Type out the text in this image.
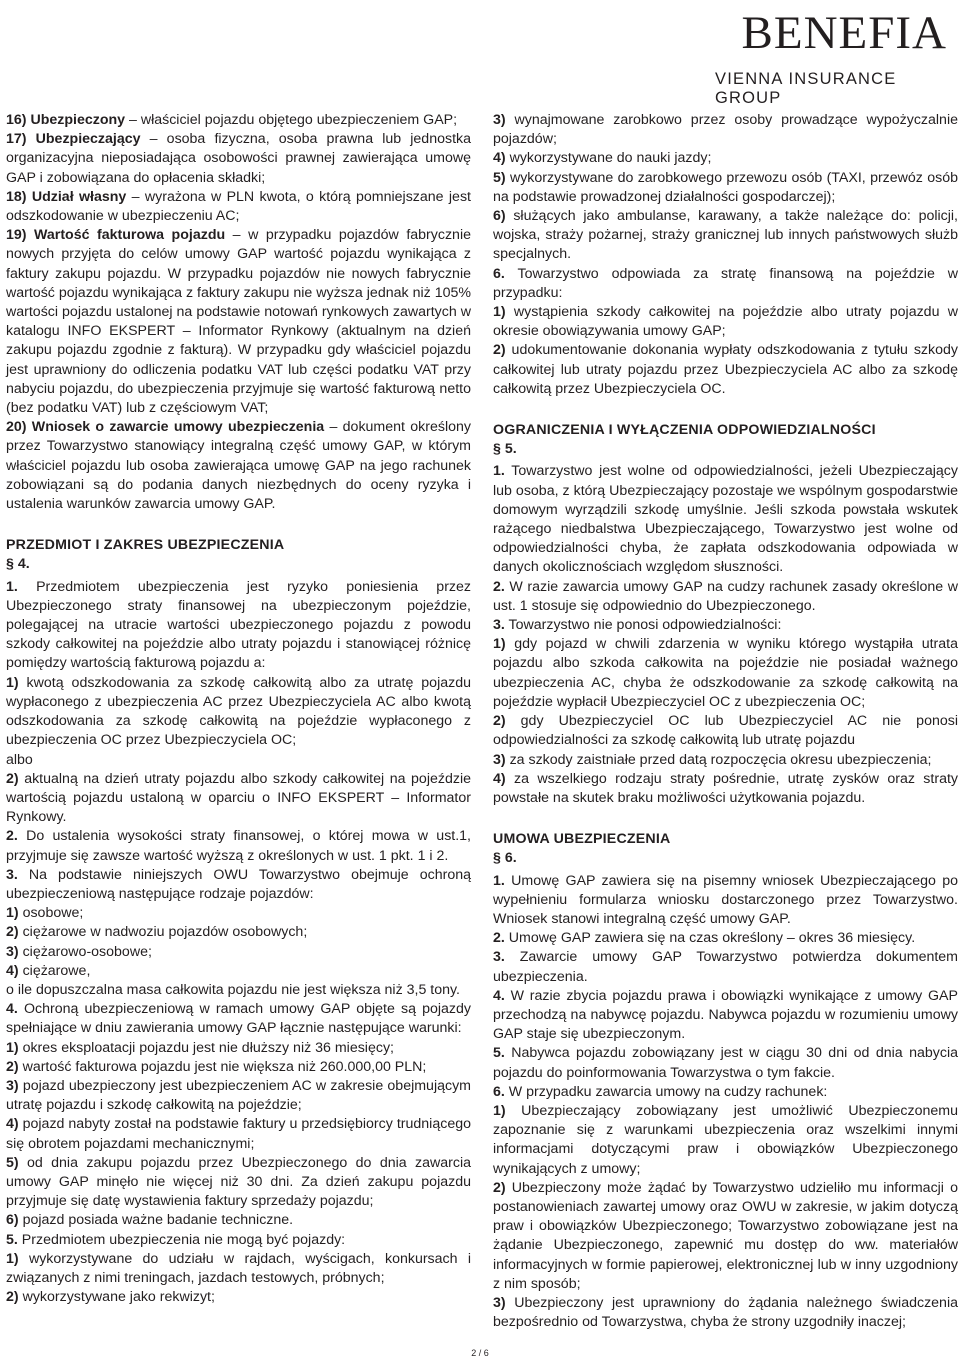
BENEFIA
VIENNA INSURANCE GROUP

16) Ubezpieczony – właściciel pojazdu objętego ubezpieczeniem GAP;

17) Ubezpieczający – osoba fizyczna, osoba prawna lub jednostka organizacyjna nieposiadająca osobowości prawnej zawierająca umowę GAP i zobowiązana do opłacenia składki;

18) Udział własny – wyrażona w PLN kwota, o którą pomniejszane jest odszkodowanie w ubezpieczeniu AC;

19) Wartość fakturowa pojazdu – w przypadku pojazdów fabrycznie nowych przyjęta do celów umowy GAP wartość pojazdu wynikająca z faktury zakupu pojazdu. W przypadku pojazdów nie nowych fabrycznie wartość pojazdu wynikająca z faktury zakupu nie wyższa jednak niż 105% wartości pojazdu ustalonej na podstawie notowań rynkowych zawartych w katalogu INFO EKSPERT – Informator Rynkowy (aktualnym na dzień zakupu pojazdu zgodnie z fakturą). W przypadku gdy właściciel pojazdu jest uprawniony do odliczenia podatku VAT lub części podatku VAT przy nabyciu pojazdu, do ubezpieczenia przyjmuje się wartość fakturową netto (bez podatku VAT) lub z częściowym VAT;

20) Wniosek o zawarcie umowy ubezpieczenia – dokument określony przez Towarzystwo stanowiący integralną część umowy GAP, w którym właściciel pojazdu lub osoba zawierająca umowę GAP na jego rachunek zobowiązani są do podania danych niezbędnych do oceny ryzyka i ustalenia warunków zawarcia umowy GAP.

PRZEDMIOT I ZAKRES UBEZPIECZENIA

§ 4.

1. Przedmiotem ubezpieczenia jest ryzyko poniesienia przez Ubezpieczonego straty finansowej na ubezpieczonym pojeździe, polegającej na utracie wartości ubezpieczonego pojazdu z powodu szkody całkowitej na pojeździe albo utraty pojazdu i stanowiącej różnicę pomiędzy wartością fakturową pojazdu a:

1) kwotą odszkodowania za szkodę całkowitą albo za utratę pojazdu wypłaconego z ubezpieczenia AC przez Ubezpieczyciela AC albo kwotą odszkodowania za szkodę całkowitą na pojeździe wypłaconego z ubezpieczenia OC przez Ubezpieczyciela OC;

albo

2) aktualną na dzień utraty pojazdu albo szkody całkowitej na pojeździe wartością pojazdu ustaloną w oparciu o INFO EKSPERT – Informator Rynkowy.

2. Do ustalenia wysokości straty finansowej, o której mowa w ust.1, przyjmuje się zawsze wartość wyższą z określonych w ust. 1 pkt. 1 i 2.

3. Na podstawie niniejszych OWU Towarzystwo obejmuje ochroną ubezpieczeniową następujące rodzaje pojazdów:

1) osobowe;

2) ciężarowe w nadwoziu pojazdów osobowych;

3) ciężarowo-osobowe;

4) ciężarowe,

o ile dopuszczalna masa całkowita pojazdu nie jest większa niż 3,5 tony.

4. Ochroną ubezpieczeniową w ramach umowy GAP objęte są pojazdy spełniające w dniu zawierania umowy GAP łącznie następujące warunki:

1) okres eksploatacji pojazdu jest nie dłuższy niż 36 miesięcy;

2) wartość fakturowa pojazdu jest nie większa niż 260.000,00 PLN;

3) pojazd ubezpieczony jest ubezpieczeniem AC w zakresie obejmującym utratę pojazdu i szkodę całkowitą na pojeździe;

4) pojazd nabyty został na podstawie faktury u przedsiębiorcy trudniącego się obrotem pojazdami mechanicznymi;

5) od dnia zakupu pojazdu przez Ubezpieczonego do dnia zawarcia umowy GAP minęło nie więcej niż 30 dni. Za dzień zakupu pojazdu przyjmuje się datę wystawienia faktury sprzedaży pojazdu;

6) pojazd posiada ważne badanie techniczne.

5. Przedmiotem ubezpieczenia nie mogą być pojazdy:

1) wykorzystywane do udziału w rajdach, wyścigach, konkursach i związanych z nimi treningach, jazdach testowych, próbnych;

2) wykorzystywane jako rekwizyt;

3) wynajmowane zarobkowo przez osoby prowadzące wypożyczalnie pojazdów;

4) wykorzystywane do nauki jazdy;

5) wykorzystywane do zarobkowego przewozu osób (TAXI, przewóz osób na podstawie prowadzonej działalności gospodarczej);

6) służących jako ambulanse, karawany, a także należące do: policji, wojska, straży pożarnej, straży granicznej lub innych państwowych służb specjalnych.

6. Towarzystwo odpowiada za stratę finansową na pojeździe w przypadku:

1) wystąpienia szkody całkowitej na pojeździe albo utraty pojazdu w okresie obowiązywania umowy GAP;

2) udokumentowanie dokonania wypłaty odszkodowania z tytułu szkody całkowitej lub utraty pojazdu przez Ubezpieczyciela AC albo za szkodę całkowitą przez Ubezpieczyciela OC.

OGRANICZENIA I WYŁĄCZENIA ODPOWIEDZIALNOŚCI

§ 5.

1. Towarzystwo jest wolne od odpowiedzialności, jeżeli Ubezpieczający lub osoba, z którą Ubezpieczający pozostaje we wspólnym gospodarstwie domowym wyrządzili szkodę umyślnie. Jeśli szkoda powstała wskutek rażącego niedbalstwa Ubezpieczającego, Towarzystwo jest wolne od odpowiedzialności chyba, że zapłata odszkodowania odpowiada w danych okolicznościach względom słuszności.

2. W razie zawarcia umowy GAP na cudzy rachunek zasady określone w ust. 1 stosuje się odpowiednio do Ubezpieczonego.

3. Towarzystwo nie ponosi odpowiedzialności:

1) gdy pojazd w chwili zdarzenia w wyniku którego wystąpiła utrata pojazdu albo szkoda całkowita na pojeździe nie posiadał ważnego ubezpieczenia AC, chyba że odszkodowanie za szkodę całkowitą na pojeździe wypłacił Ubezpieczyciel OC z ubezpieczenia OC;

2) gdy Ubezpieczyciel OC lub Ubezpieczyciel AC nie ponosi odpowiedzialności za szkodę całkowitą lub utratę pojazdu

3) za szkody zaistniałe przed datą rozpoczęcia okresu ubezpieczenia;

4) za wszelkiego rodzaju straty pośrednie, utratę zysków oraz straty powstałe na skutek braku możliwości użytkowania pojazdu.

UMOWA UBEZPIECZENIA

§ 6.

1. Umowę GAP zawiera się na pisemny wniosek Ubezpieczającego po wypełnieniu formularza wniosku dostarczonego przez Towarzystwo. Wniosek stanowi integralną część umowy GAP.

2. Umowę GAP zawiera się na czas określony – okres 36 miesięcy.

3. Zawarcie umowy GAP Towarzystwo potwierdza dokumentem ubezpieczenia.

4. W razie zbycia pojazdu prawa i obowiązki wynikające z umowy GAP przechodzą na nabywcę pojazdu. Nabywca pojazdu w rozumieniu umowy GAP staje się ubezpieczonym.

5. Nabywca pojazdu zobowiązany jest w ciągu 30 dni od dnia nabycia pojazdu do poinformowania Towarzystwa o tym fakcie.

6. W przypadku zawarcia umowy na cudzy rachunek:

1) Ubezpieczający zobowiązany jest umożliwić Ubezpieczonemu zapoznanie się z warunkami ubezpieczenia oraz wszelkimi innymi informacjami dotyczącymi praw i obowiązków Ubezpieczonego wynikających z umowy;

2) Ubezpieczony może żądać by Towarzystwo udzieliło mu informacji o postanowieniach zawartej umowy oraz OWU w zakresie, w jakim dotyczą praw i obowiązków Ubezpieczonego; Towarzystwo zobowiązane jest na żądanie Ubezpieczonego, zapewnić mu dostęp do ww. materiałów informacyjnych w formie papierowej, elektronicznej lub w inny uzgodniony z nim sposób;

3) Ubezpieczony jest uprawniony do żądania należnego świadczenia bezpośrednio od Towarzystwa, chyba że strony uzgodniły inaczej;

2 / 6
